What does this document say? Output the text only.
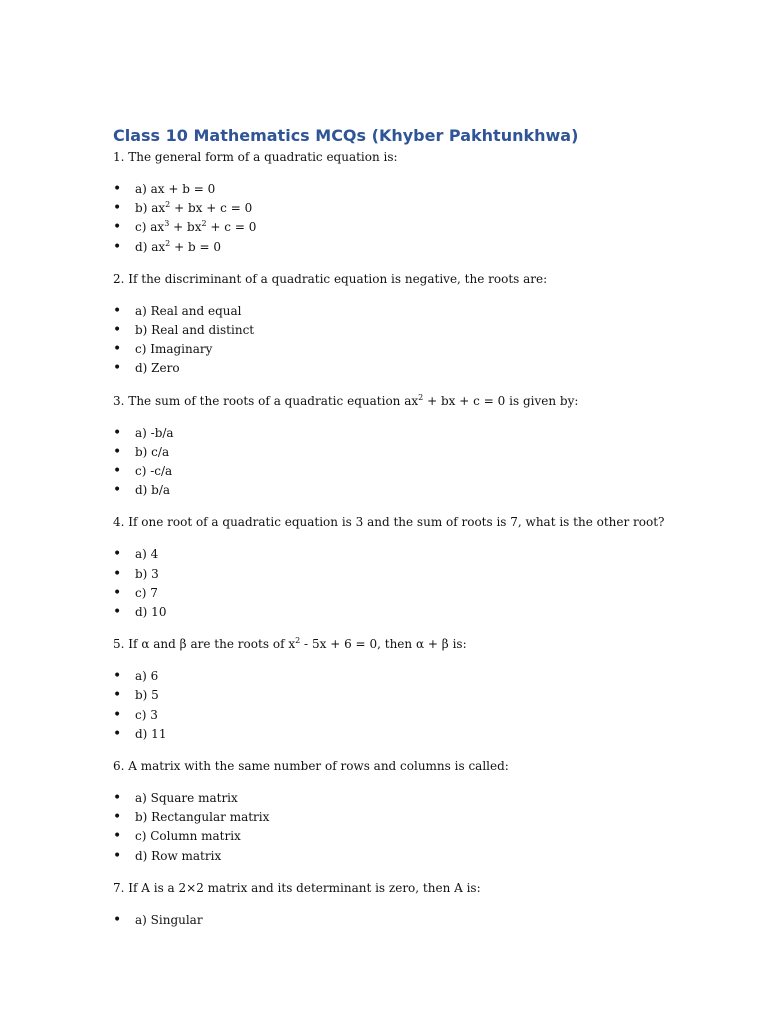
Class 10 Mathematics MCQs (Khyber Pakhtunkhwa)

1. The general form of a quadratic equation is:

• a) ax + b = 0
• b) $ax^2$ + bx + c = 0
• c) $ax^3 + bx^2 + c = 0$
• d) $ax^2 + b = 0$

2. If the discriminant of a quadratic equation is negative, the roots are:

• a) Real and equal
• b) Real and distinct
• c) Imaginary
• d) Zero

3. The sum of the roots of a quadratic equation $ax^2$ + bx + c = 0 is given by:

• a) -b/a
• b) c/a
• c) -c/a
• d) b/a

4. If one root of a quadratic equation is 3 and the sum of roots is 7, what is the other root?

• a) 4
• b) 3
• c) 7
• d) 10

5. If α and β are the roots of $x^2 - 5x + 6 = 0$, then α + β is:

• a) 6
• b) 5
• c) 3
• d) 11

6. A matrix with the same number of rows and columns is called:

• a) Square matrix
• b) Rectangular matrix
• c) Column matrix
• d) Row matrix

7. If A is a 2×2 matrix and its determinant is zero, then A is:

• a) Singular
